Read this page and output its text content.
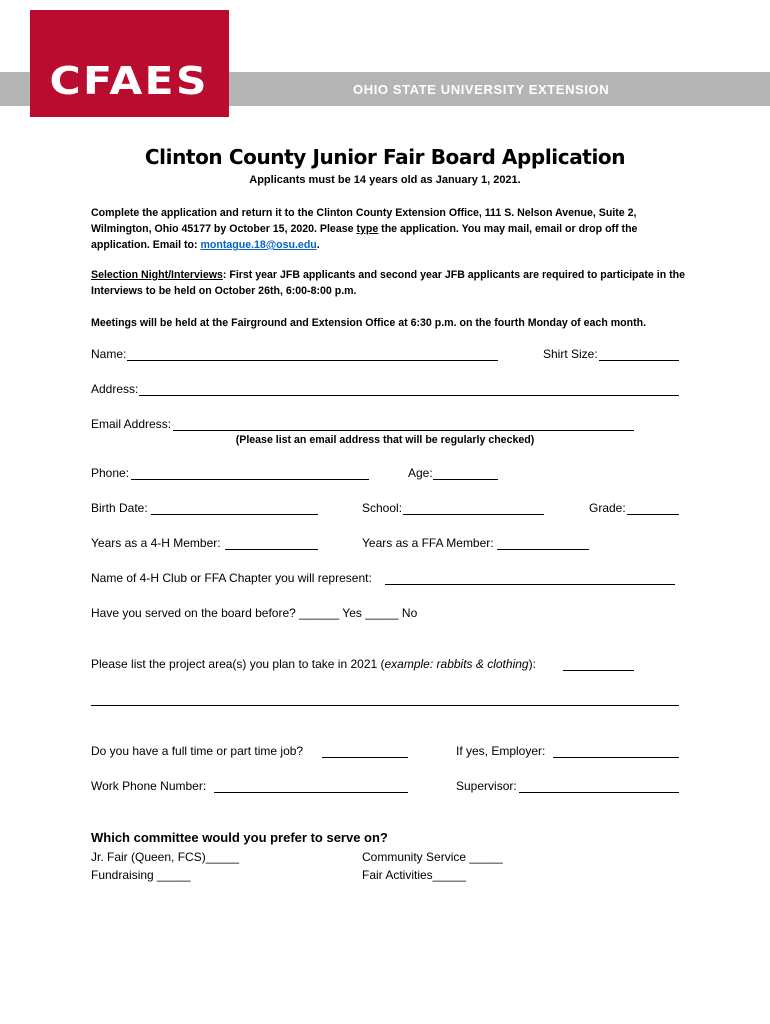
OHIO STATE UNIVERSITY EXTENSION
CFAES
Clinton County Junior Fair Board Application
Applicants must be 14 years old as January 1, 2021.
Complete the application and return it to the Clinton County Extension Office, 111 S. Nelson Avenue, Suite 2, Wilmington, Ohio 45177 by October 15, 2020. Please type the application. You may mail, email or drop off the application. Email to: montague.18@osu.edu.
Selection Night/Interviews: First year JFB applicants and second year JFB applicants are required to participate in the Interviews to be held on October 26th, 6:00-8:00 p.m.
Meetings will be held at the Fairground and Extension Office at 6:30 p.m. on the fourth Monday of each month.
Name:	Shirt Size:
Address:
Email Address:
(Please list an email address that will be regularly checked)
Phone:	Age:
Birth Date:	School:	Grade:
Years as a 4-H Member:	Years as a FFA Member:
Name of 4-H Club or FFA Chapter you will represent:
Have you served on the board before? ______ Yes _____ No
Please list the project area(s) you plan to take in 2021 (example: rabbits & clothing):
Do you have a full time or part time job?	If yes, Employer:
Work Phone Number:	Supervisor:
Which committee would you prefer to serve on?
Jr. Fair (Queen, FCS)_____	Community Service _____
Fundraising _____	Fair Activities_____
